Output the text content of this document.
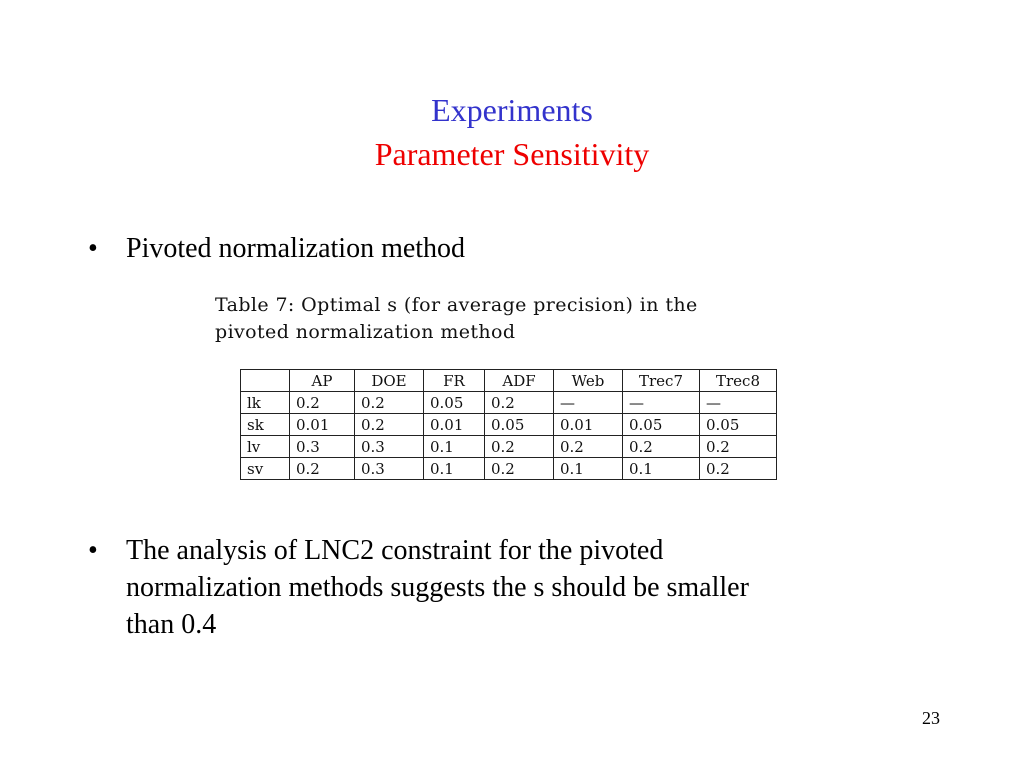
Experiments
Parameter Sensitivity
• Pivoted normalization method
Table 7: Optimal s (for average precision) in the
pivoted normalization method
	AP	DOE	FR	ADF	Web	Trec7	Trec8
lk	0.2	0.2	0.05	0.2	—	—	—
sk	0.01	0.2	0.01	0.05	0.01	0.05	0.05
lv	0.3	0.3	0.1	0.2	0.2	0.2	0.2
sv	0.2	0.3	0.1	0.2	0.1	0.1	0.2
• The analysis of LNC2 constraint for the pivoted
normalization methods suggests the s should be smaller
than 0.4
23
